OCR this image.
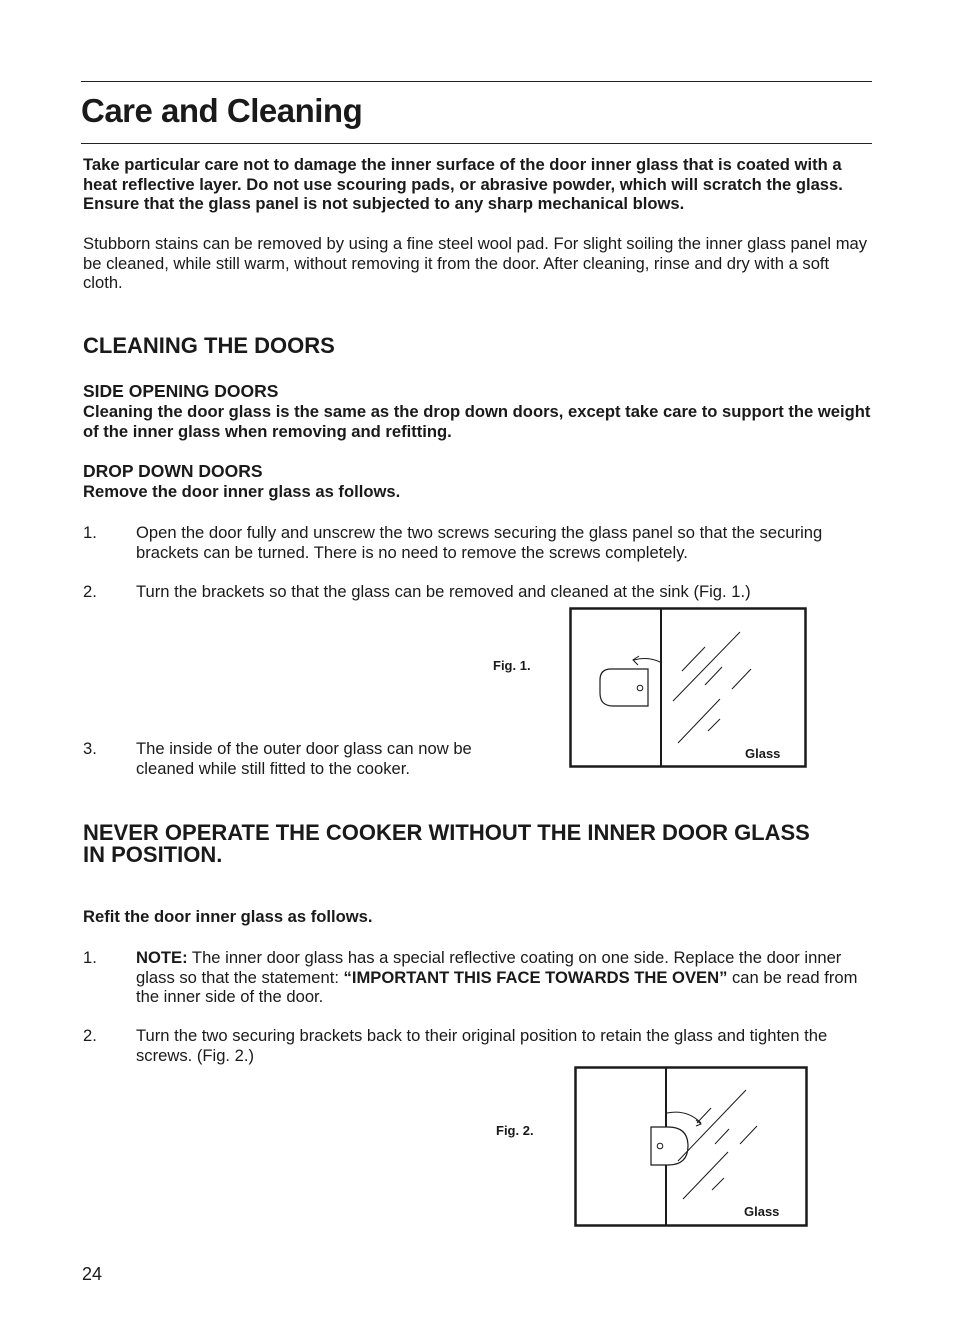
Care and Cleaning

Take particular care not to damage the inner surface of the door inner glass that is coated with a heat reflective layer. Do not use scouring pads, or abrasive powder, which will scratch the glass. Ensure that the glass panel is not subjected to any sharp mechanical blows.

Stubborn stains can be removed by using a fine steel wool pad. For slight soiling the inner glass panel may be cleaned, while still warm, without removing it from the door. After cleaning, rinse and dry with a soft cloth.

CLEANING THE DOORS
SIDE OPENING DOORS

Cleaning the door glass is the same as the drop down doors, except take care to support the weight of the inner glass when removing and refitting.

DROP DOWN DOORS

Remove the door inner glass as follows.

1. Open the door fully and unscrew the two screws securing the glass panel so that the securing brackets can be turned. There is no need to remove the screws completely.

2. Turn the brackets so that the glass can be removed and cleaned at the sink (Fig. 1.)

3. The inside of the outer door glass can now be cleaned while still fitted to the cooker.

Fig. 1.
Glass
NEVER OPERATE THE COOKER WITHOUT THE INNER DOOR GLASS
IN POSITION.

Refit the door inner glass as follows.

1. NOTE: The inner door glass has a special reflective coating on one side. Replace the door inner glass so that the statement: “IMPORTANT THIS FACE TOWARDS THE OVEN” can be read from the inner side of the door.

2. Turn the two securing brackets back to their original position to retain the glass and tighten the screws. (Fig. 2.)

Fig. 2.
Glass
24
